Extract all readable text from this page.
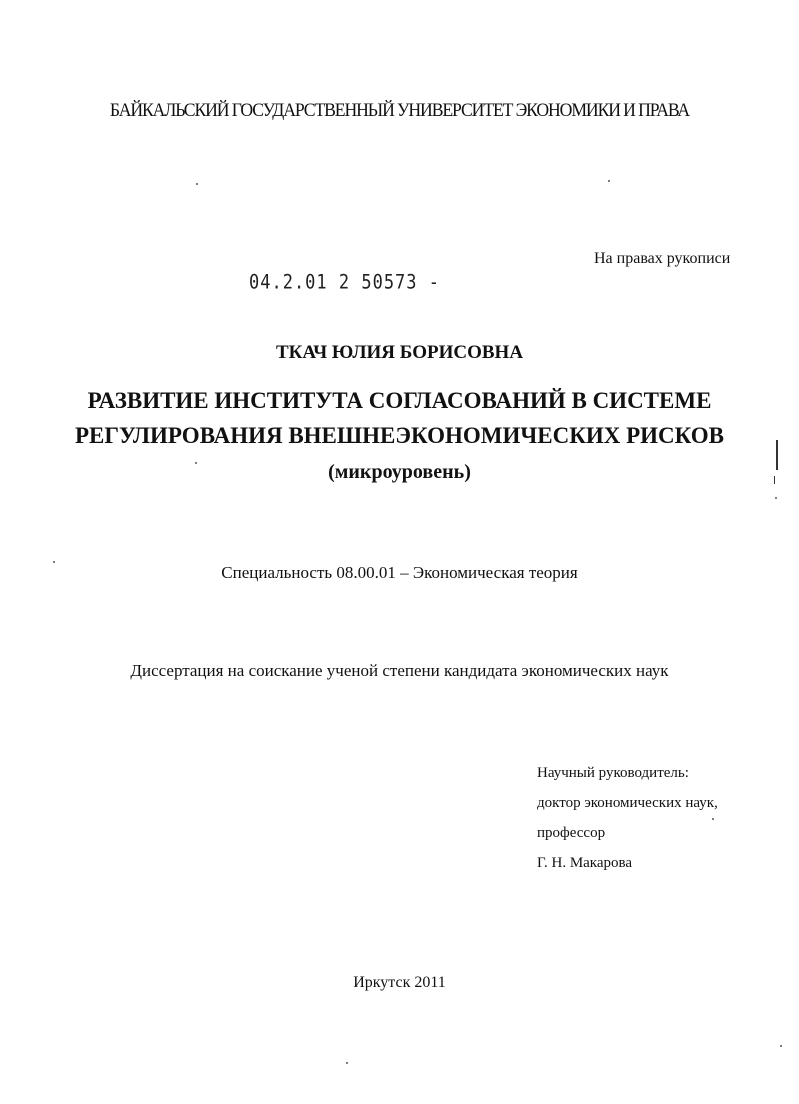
БАЙКАЛЬСКИЙ ГОСУДАРСТВЕННЫЙ УНИВЕРСИТЕТ ЭКОНОМИКИ И ПРАВА
На правах рукописи
04.2.01 2 50573 -
ТКАЧ ЮЛИЯ БОРИСОВНА
РАЗВИТИЕ ИНСТИТУТА СОГЛАСОВАНИЙ В СИСТЕМЕ
РЕГУЛИРОВАНИЯ ВНЕШНЕЭКОНОМИЧЕСКИХ РИСКОВ
(микроуровень)
Специальность 08.00.01 – Экономическая теория
Диссертация на соискание ученой степени кандидата экономических наук
Научный руководитель:
доктор экономических наук,
профессор
Г. Н. Макарова
Иркутск 2011
